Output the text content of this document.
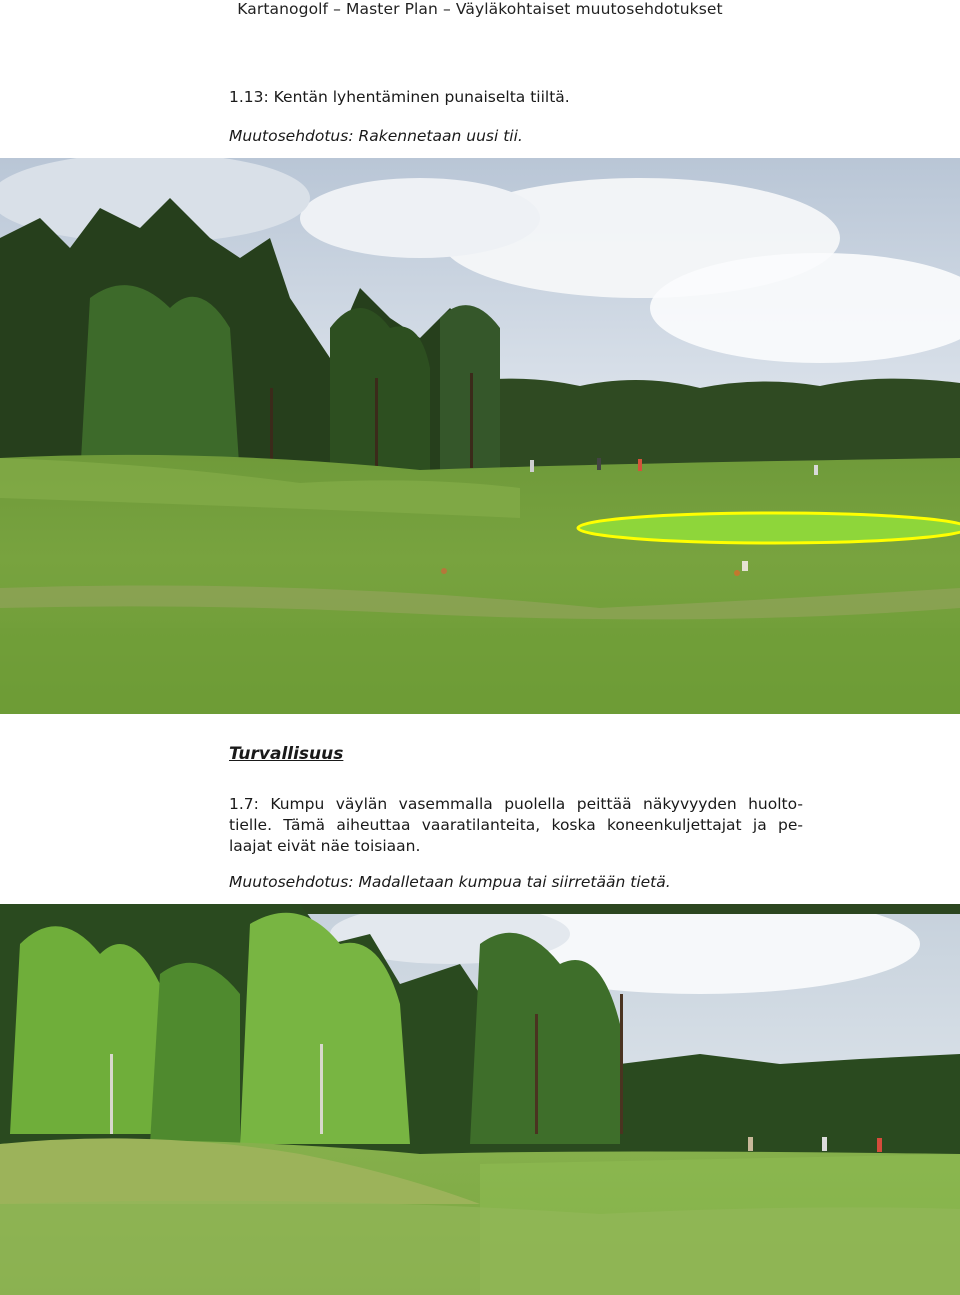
Kartanogolf – Master Plan – Väyläkohtaiset muutosehdotukset
1.13: Kentän lyhentäminen punaiselta tiiltä.
Muutosehdotus: Rakennetaan uusi tii.
Turvallisuus
1.7: Kumpu väylän vasemmalla puolella peittää näkyvyyden huolto-
tielle. Tämä aiheuttaa vaaratilanteita, koska koneenkuljettajat ja pe-
laajat eivät näe toisiaan.
Muutosehdotus: Madalletaan kumpua tai siirretään tietä.
